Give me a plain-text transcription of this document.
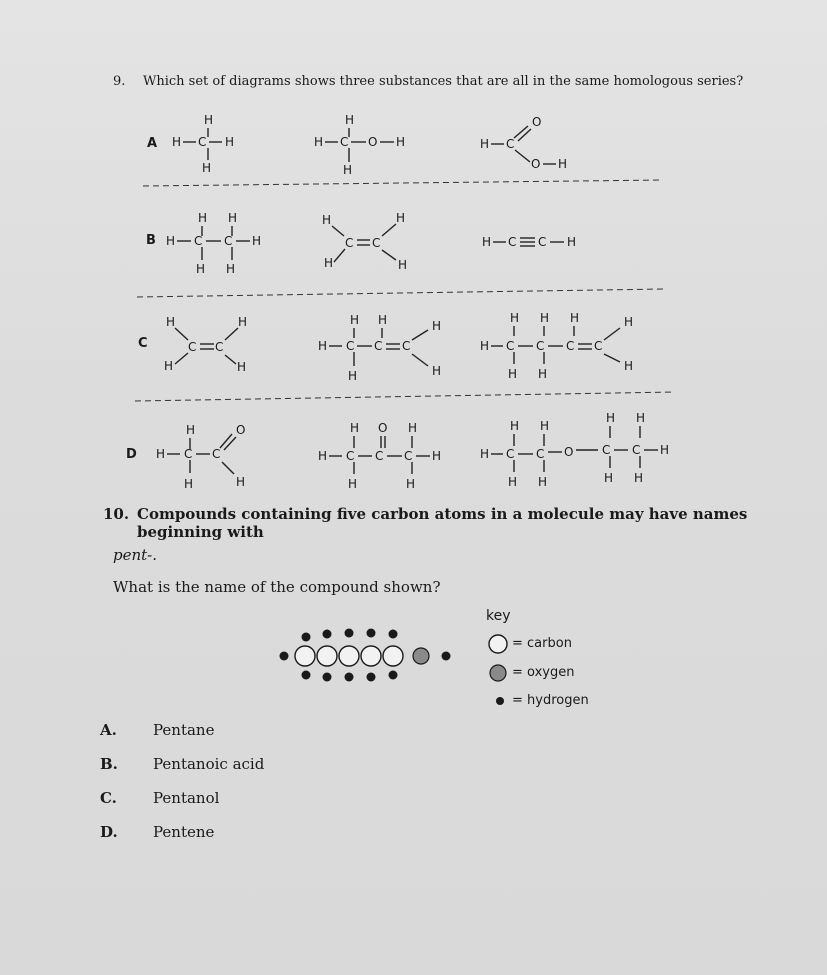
9. Which set of diagrams shows three substances that are all in the same homologous series?
A
B
C
D
H
H C H
H
H
H C O H
H
H C
O
O H
H H
H C C H
H H
H
H
C C
H
H
H C C H
H
H
C C
H
H
H H
H C C C
H
H
H
H H H
H C C C C
H
H
H H
H
H C C
O
H
H
H O H
H C C C H
H	H
H H
H H
H C C O C C H
H H	H H
10. Compounds containing five carbon atoms in a molecule may have names beginning with
pent-.
What is the name of the compound shown?
key
= carbon
= oxygen
= hydrogen
A. Pentane
B. Pentanoic acid
C. Pentanol
D. Pentene
